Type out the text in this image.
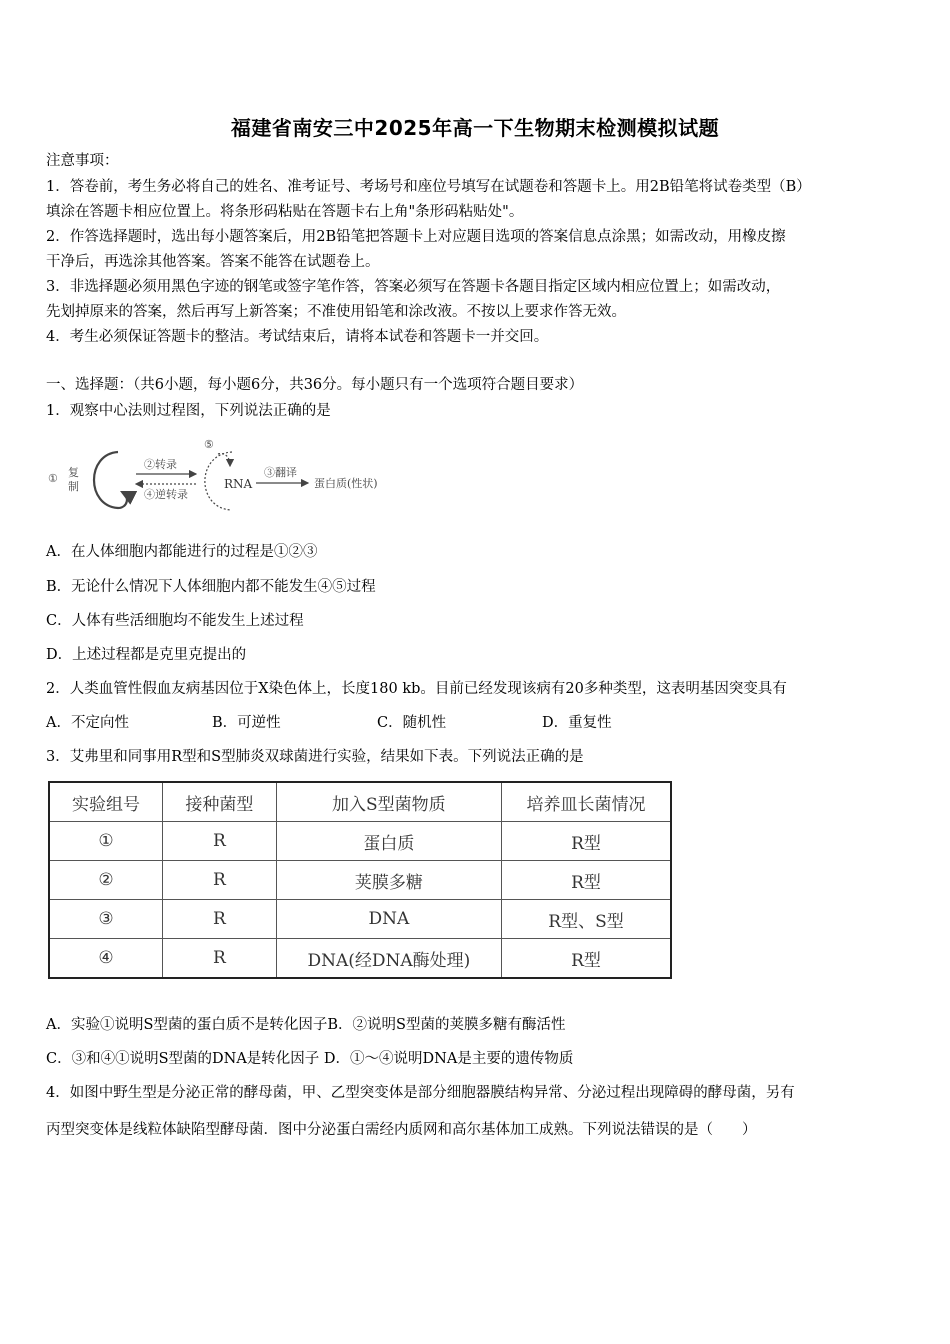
福建省南安三中2025年高一下生物期末检测模拟试题
注意事项：
1．答卷前，考生务必将自己的姓名、准考证号、考场号和座位号填写在试题卷和答题卡上。用2B铅笔将试卷类型（B）
填涂在答题卡相应位置上。将条形码粘贴在答题卡右上角"条形码粘贴处"。
2．作答选择题时，选出每小题答案后，用2B铅笔把答题卡上对应题目选项的答案信息点涂黑；如需改动，用橡皮擦
干净后，再选涂其他答案。答案不能答在试题卷上。
3．非选择题必须用黑色字迹的钢笔或签字笔作答，答案必须写在答题卡各题目指定区域内相应位置上；如需改动，
先划掉原来的答案，然后再写上新答案；不准使用铅笔和涂改液。不按以上要求作答无效。
4．考生必须保证答题卡的整洁。考试结束后，请将本试卷和答题卡一并交回。
一、选择题：（共6小题，每小题6分，共36分。每小题只有一个选项符合题目要求）
1．观察中心法则过程图，下列说法正确的是
① 复
制
②转录
④逆转录
⑤
RNA
③翻译
蛋白质(性状)
A．在人体细胞内都能进行的过程是①②③
B．无论什么情况下人体细胞内都不能发生④⑤过程
C．人体有些活细胞均不能发生上述过程
D．上述过程都是克里克提出的
2．人类血管性假血友病基因位于X染色体上，长度180 kb。目前已经发现该病有20多种类型，这表明基因突变具有
A．不定向性	B．可逆性	C．随机性	D．重复性
3．艾弗里和同事用R型和S型肺炎双球菌进行实验，结果如下表。下列说法正确的是
实验组号	接种菌型	加入S型菌物质	培养皿长菌情况
①	R	蛋白质	R型
②	R	荚膜多糖	R型
③	R	DNA	R型、S型
④	R	DNA(经DNA酶处理)	R型
A．实验①说明S型菌的蛋白质不是转化因子B．②说明S型菌的荚膜多糖有酶活性
C．③和④①说明S型菌的DNA是转化因子 D．①～④说明DNA是主要的遗传物质
4．如图中野生型是分泌正常的酵母菌，甲、乙型突变体是部分细胞器膜结构异常、分泌过程出现障碍的酵母菌，另有
丙型突变体是线粒体缺陷型酵母菌．图中分泌蛋白需经内质网和高尔基体加工成熟。下列说法错误的是（　　）
